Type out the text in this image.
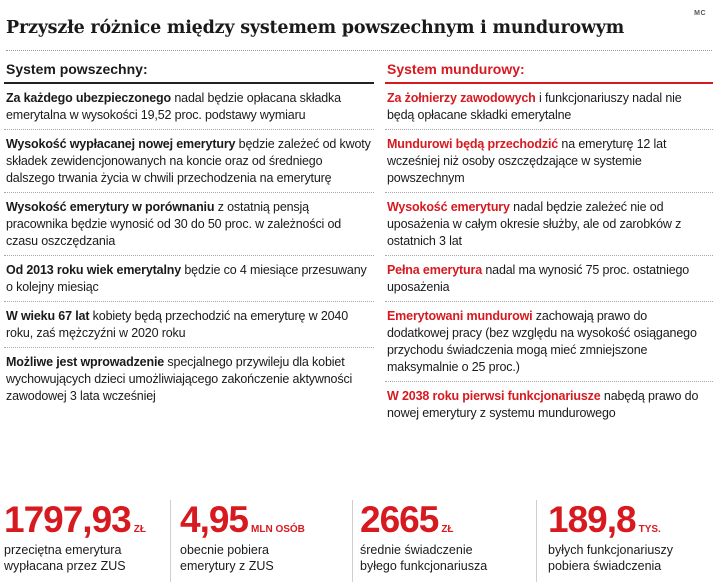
MC
Przyszłe różnice między systemem powszechnym i mundurowym
System powszechny:
Za każdego ubezpieczonego nadal będzie opłacana składka emerytalna w wysokości 19,52 proc. podstawy wymiaru
Wysokość wypłacanej nowej emerytury będzie zależeć od kwoty składek zewidencjonowanych na koncie oraz od średniego dalszego trwania życia w chwili przechodzenia na emeryturę
Wysokość emerytury w porównaniu z ostatnią pensją pracownika będzie wynosić od 30 do 50 proc. w zależności od czasu oszczędzania
Od 2013 roku wiek emerytalny będzie co 4 miesiące przesuwany o kolejny miesiąc
W wieku 67 lat kobiety będą przechodzić na emeryturę w 2040 roku, zaś mężczyźni w 2020 roku
Możliwe jest wprowadzenie specjalnego przywileju dla kobiet wychowujących dzieci umożliwiającego zakończenie aktywności zawodowej 3 lata wcześniej
System mundurowy:
Za żołnierzy zawodowych i funkcjonariuszy nadal nie będą opłacane składki emerytalne
Mundurowi będą przechodzić na emeryturę 12 lat wcześniej niż osoby oszczędzające w systemie powszechnym
Wysokość emerytury nadal będzie zależeć nie od uposażenia w całym okresie służby, ale od zarobków z ostatnich 3 lat
Pełna emerytura nadal ma wynosić 75 proc. ostatniego uposażenia
Emerytowani mundurowi zachowają prawo do dodatkowej pracy (bez względu na wysokość osiąganego przychodu świadczenia mogą mieć zmniejszone maksymalnie o 25 proc.)
W 2038 roku pierwsi funkcjonariusze nabędą prawo do nowej emerytury z systemu mundurowego
1797,93 ZŁ
przeciętna emerytura
wypłacana przez ZUS
4,95 MLN OSÓB
obecnie pobiera
emerytury z ZUS
2665 ZŁ
średnie świadczenie
byłego funkcjonariusza
189,8 TYS.
byłych funkcjonariuszy
pobiera świadczenia
